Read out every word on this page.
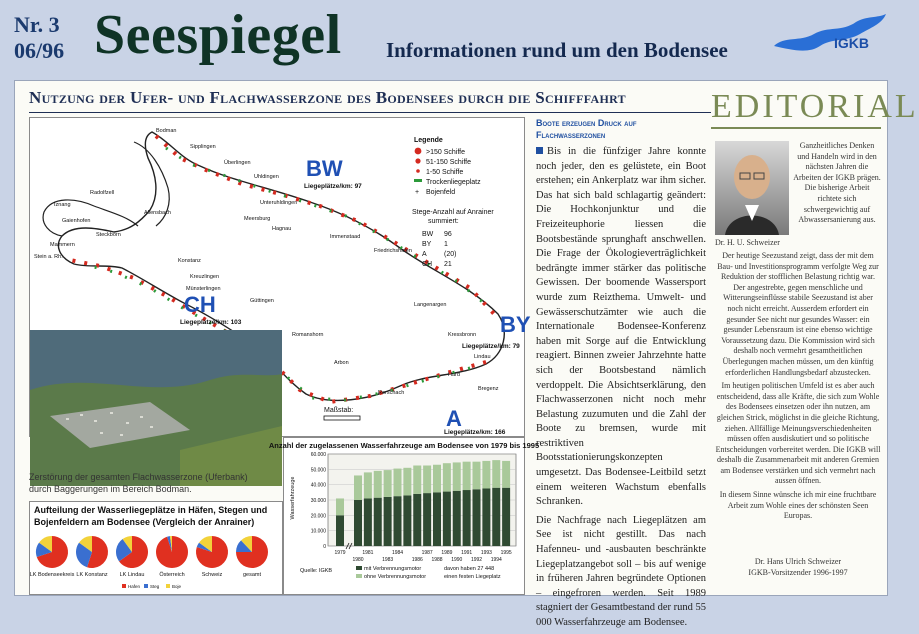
Nr. 3
06/96 Seespiegel Informationen rund um den Bodensee	IGKB
Nutzung der Ufer- und Flachwasserzone des Bodensees durch die Schifffahrt	EDITORIAL
Bodman
Sipplingen
Überlingen
Uhldingen
Unteruhldingen
Meersburg
Hagnau
Immenstaad
Friedrichshafen
Langenargen
Kressbronn
Lindau
Bregenz
Hard
Rorschach
Arbon
Romanshorn
Güttingen
Münsterlingen
Kreuzlingen
Konstanz
Allensbach
Radolfzell
Iznang
Gaienhofen
Steckborn
Stein a. Rh.
Mammern
BW
CH
BY
A
Liegeplätze/km: 97
Liegeplätze/km: 103
Liegeplätze/km: 79
Liegeplätze/km: 166
Legende
>150 Schiffe
51-150 Schiffe
1-50 Schiffe
Trockenliegeplatz
+ Bojenfeld
Stege-Anzahl auf Anrainer
summiert:
BW 96
BY 1
A (20)
CH 21
Maßstab:
Zerstörung der gesamten Flachwasserzone (Uferbank) durch Baggerungen im Bereich Bodman.
Aufteilung der Wasserliegeplätze in Häfen, Stegen und Bojenfeldern am Bodensee (Vergleich der Anrainer)
LK Bodenseekreis LK Konstanz LK Lindau	Österreich	Schweiz	gesamt
Hafen Steg	Boje
Anzahl der zugelassenen Wasserfahrzeuge am Bodensee von 1979 bis 1995
Wasserfahrzeuge
Quelle: IGKB	mit Verbrennungsmotor
ohne Verbrennungsmotor
davon haben 27 448
einen festen Liegeplatz
0
10.000
20.000
30.000
40.000
50.000
60.000
1979
1980
1981
1983
1984
1986
1987
1988
1989
1990
1991
1992
1993
1994
1995
Boote erzeugen Druck auf Flachwasserzonen

Bis in die fünfziger Jahre konnte noch jeder, den es gelüstete, ein Boot erstehen; ein Ankerplatz war ihm sicher. Das hat sich bald schlagartig geändert: Die Hochkonjunktur und die Freizeiteuphorie liessen die Bootsbestände sprunghaft anschwellen. Die Frage der Ökologieverträglichkeit bedrängte immer stärker das politische Gewissen. Der boomende Wassersport wurde zum Reizthema. Umwelt- und Gewässerschutzämter wie auch die Internationale Bodensee-Konferenz haben mit Sorge auf die Entwicklung reagiert. Binnen zweier Jahrzehnte hatte sich der Bootsbestand nämlich verdoppelt. Die Absichtserklärung, den Flachwasserzonen nicht noch mehr Belastung zuzumuten und die Zahl der Boote zu bremsen, wurde mit restriktiven Bootsstationierungskonzepten umgesetzt. Das Bodensee-Leitbild setzt einem weiteren Wachstum ebenfalls Schranken.

Die Nachfrage nach Liegeplätzen am See ist nicht gestillt. Das nach Hafenneu- und -ausbauten beschränkte Liegeplatzangebot soll – bis auf wenige in früheren Jahren begründete Optionen – eingefroren werden. Seit 1989 stagniert der Gesamtbestand der rund 55 000 Wasserfahrzeuge am Bodensee.

Ganzheitliches Denken und Handeln wird in den nächsten Jahren die Arbeiten der IGKB prägen. Die bisherige Arbeit richtete sich schwergewichtig auf Abwassersanierung aus.
Dr. H. U. Schweizer

Der heutige Seezustand zeigt, dass der mit dem Bau- und Investitionsprogramm verfolgte Weg zur Reduktion der stofflichen Belastung richtig war. Der angestrebte, gegen menschliche und Witterungseinflüsse stabile Seezustand ist aber noch nicht erreicht. Ausserdem erfordert ein gesunder See nicht nur gesundes Wasser: ein gesunder Lebensraum ist eine ebenso wichtige Voraussetzung dazu. Die Kommission wird sich deshalb noch vermehrt gesamtheitlichen Überlegungen machen müssen, um den künftig erforderlichen Handlungsbedarf abzustecken.

Im heutigen politischen Umfeld ist es aber auch entscheidend, dass alle Kräfte, die sich zum Wohle des Bodensees einsetzen oder ihn nutzen, am gleichen Strick, möglichst in die gleiche Richtung, ziehen. Allfällige Meinungsverschiedenheiten müssen offen ausdiskutiert und so politische Entscheidungen vorbereitet werden. Die IGKB will deshalb die Zusammenarbeit mit anderen Gremien am Bodensee verstärken und sich vermehrt nach aussen öffnen.

In diesem Sinne wünsche ich mir eine fruchtbare Arbeit zum Wohle eines der schönsten Seen Europas.

Dr. Hans Ulrich Schweizer
IGKB-Vorsitzender 1996-1997
